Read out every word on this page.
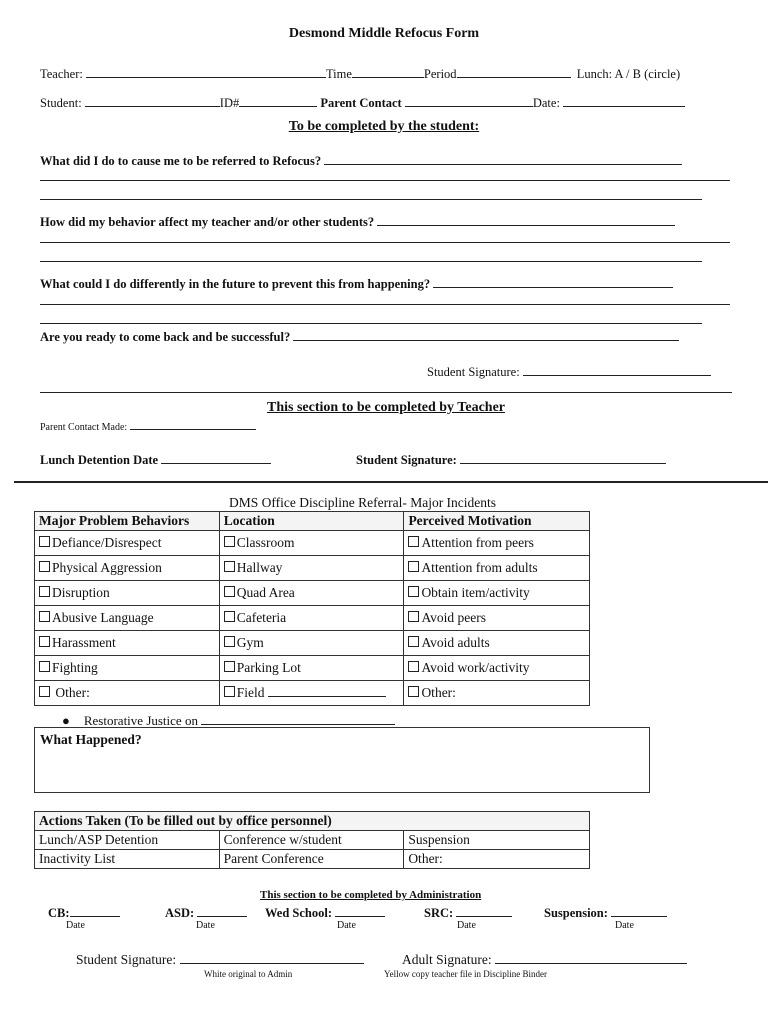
Desmond Middle Refocus Form
Teacher:	Time	Period	Lunch: A / B (circle)
Student:	ID#	Parent Contact	Date:
To be completed by the student:
What did I do to cause me to be referred to Refocus?
How did my behavior affect my teacher and/or other students?
What could I do differently in the future to prevent this from happening?
Are you ready to come back and be successful?
Student Signature:
This section to be completed by Teacher
Parent Contact Made:
Lunch Detention Date	Student Signature:
DMS Office Discipline Referral- Major Incidents
Major Problem Behaviors	Location	Perceived Motivation
Defiance/Disrespect	Classroom	Attention from peers
Physical Aggression	Hallway	Attention from adults
Disruption	Quad Area	Obtain item/activity
Abusive Language	Cafeteria	Avoid peers
Harassment	Gym	Avoid adults
Fighting	Parking Lot	Avoid work/activity
Other:	Field	Other:
● Restorative Justice on
What Happened?
Actions Taken (To be filled out by office personnel)		
Lunch/ASP Detention	Conference w/student	Suspension
Inactivity List	Parent Conference	Other:
This section to be completed by Administration
CB:
Date
ASD:
Date
Wed School:
Date
SRC:
Date
Suspension:
Date
Student Signature:	Adult Signature:
White original to Admin	Yellow copy teacher file in Discipline Binder
